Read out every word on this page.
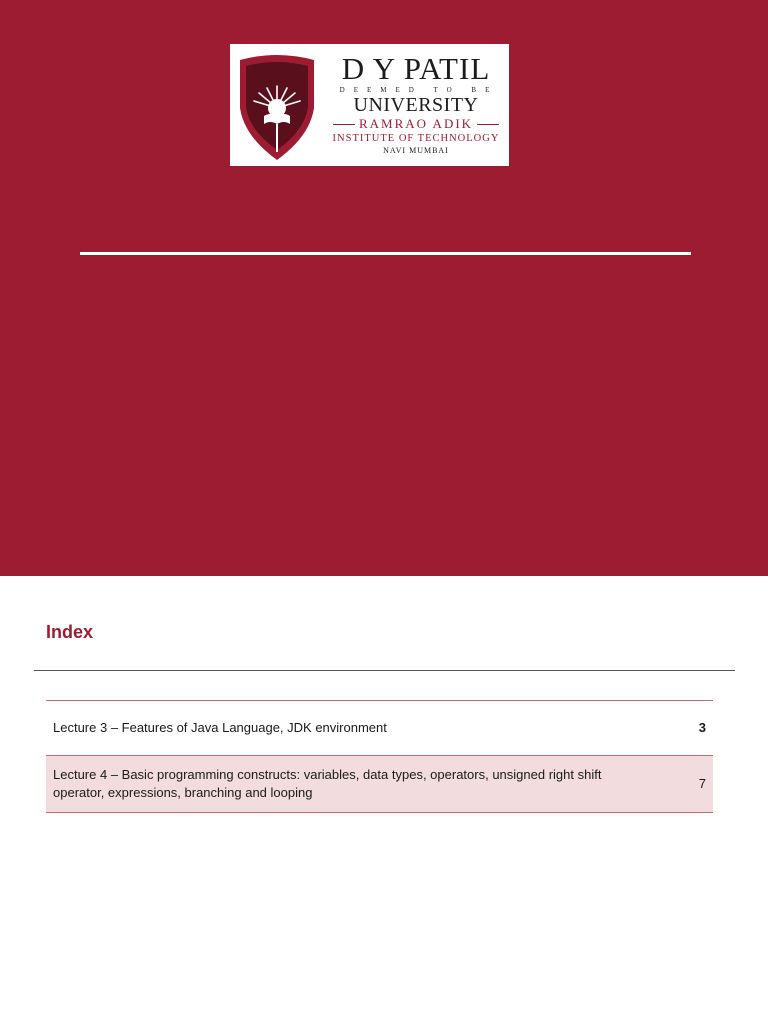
D Y PATIL
DEEMED TO BE
UNIVERSITY
RAMRAO ADIK
INSTITUTE OF TECHNOLOGY
NAVI MUMBAI
Index
Lecture 3 – Features of Java Language, JDK environment	3
Lecture 4 – Basic programming constructs: variables, data types, operators, unsigned right shift operator, expressions, branching and looping
7
